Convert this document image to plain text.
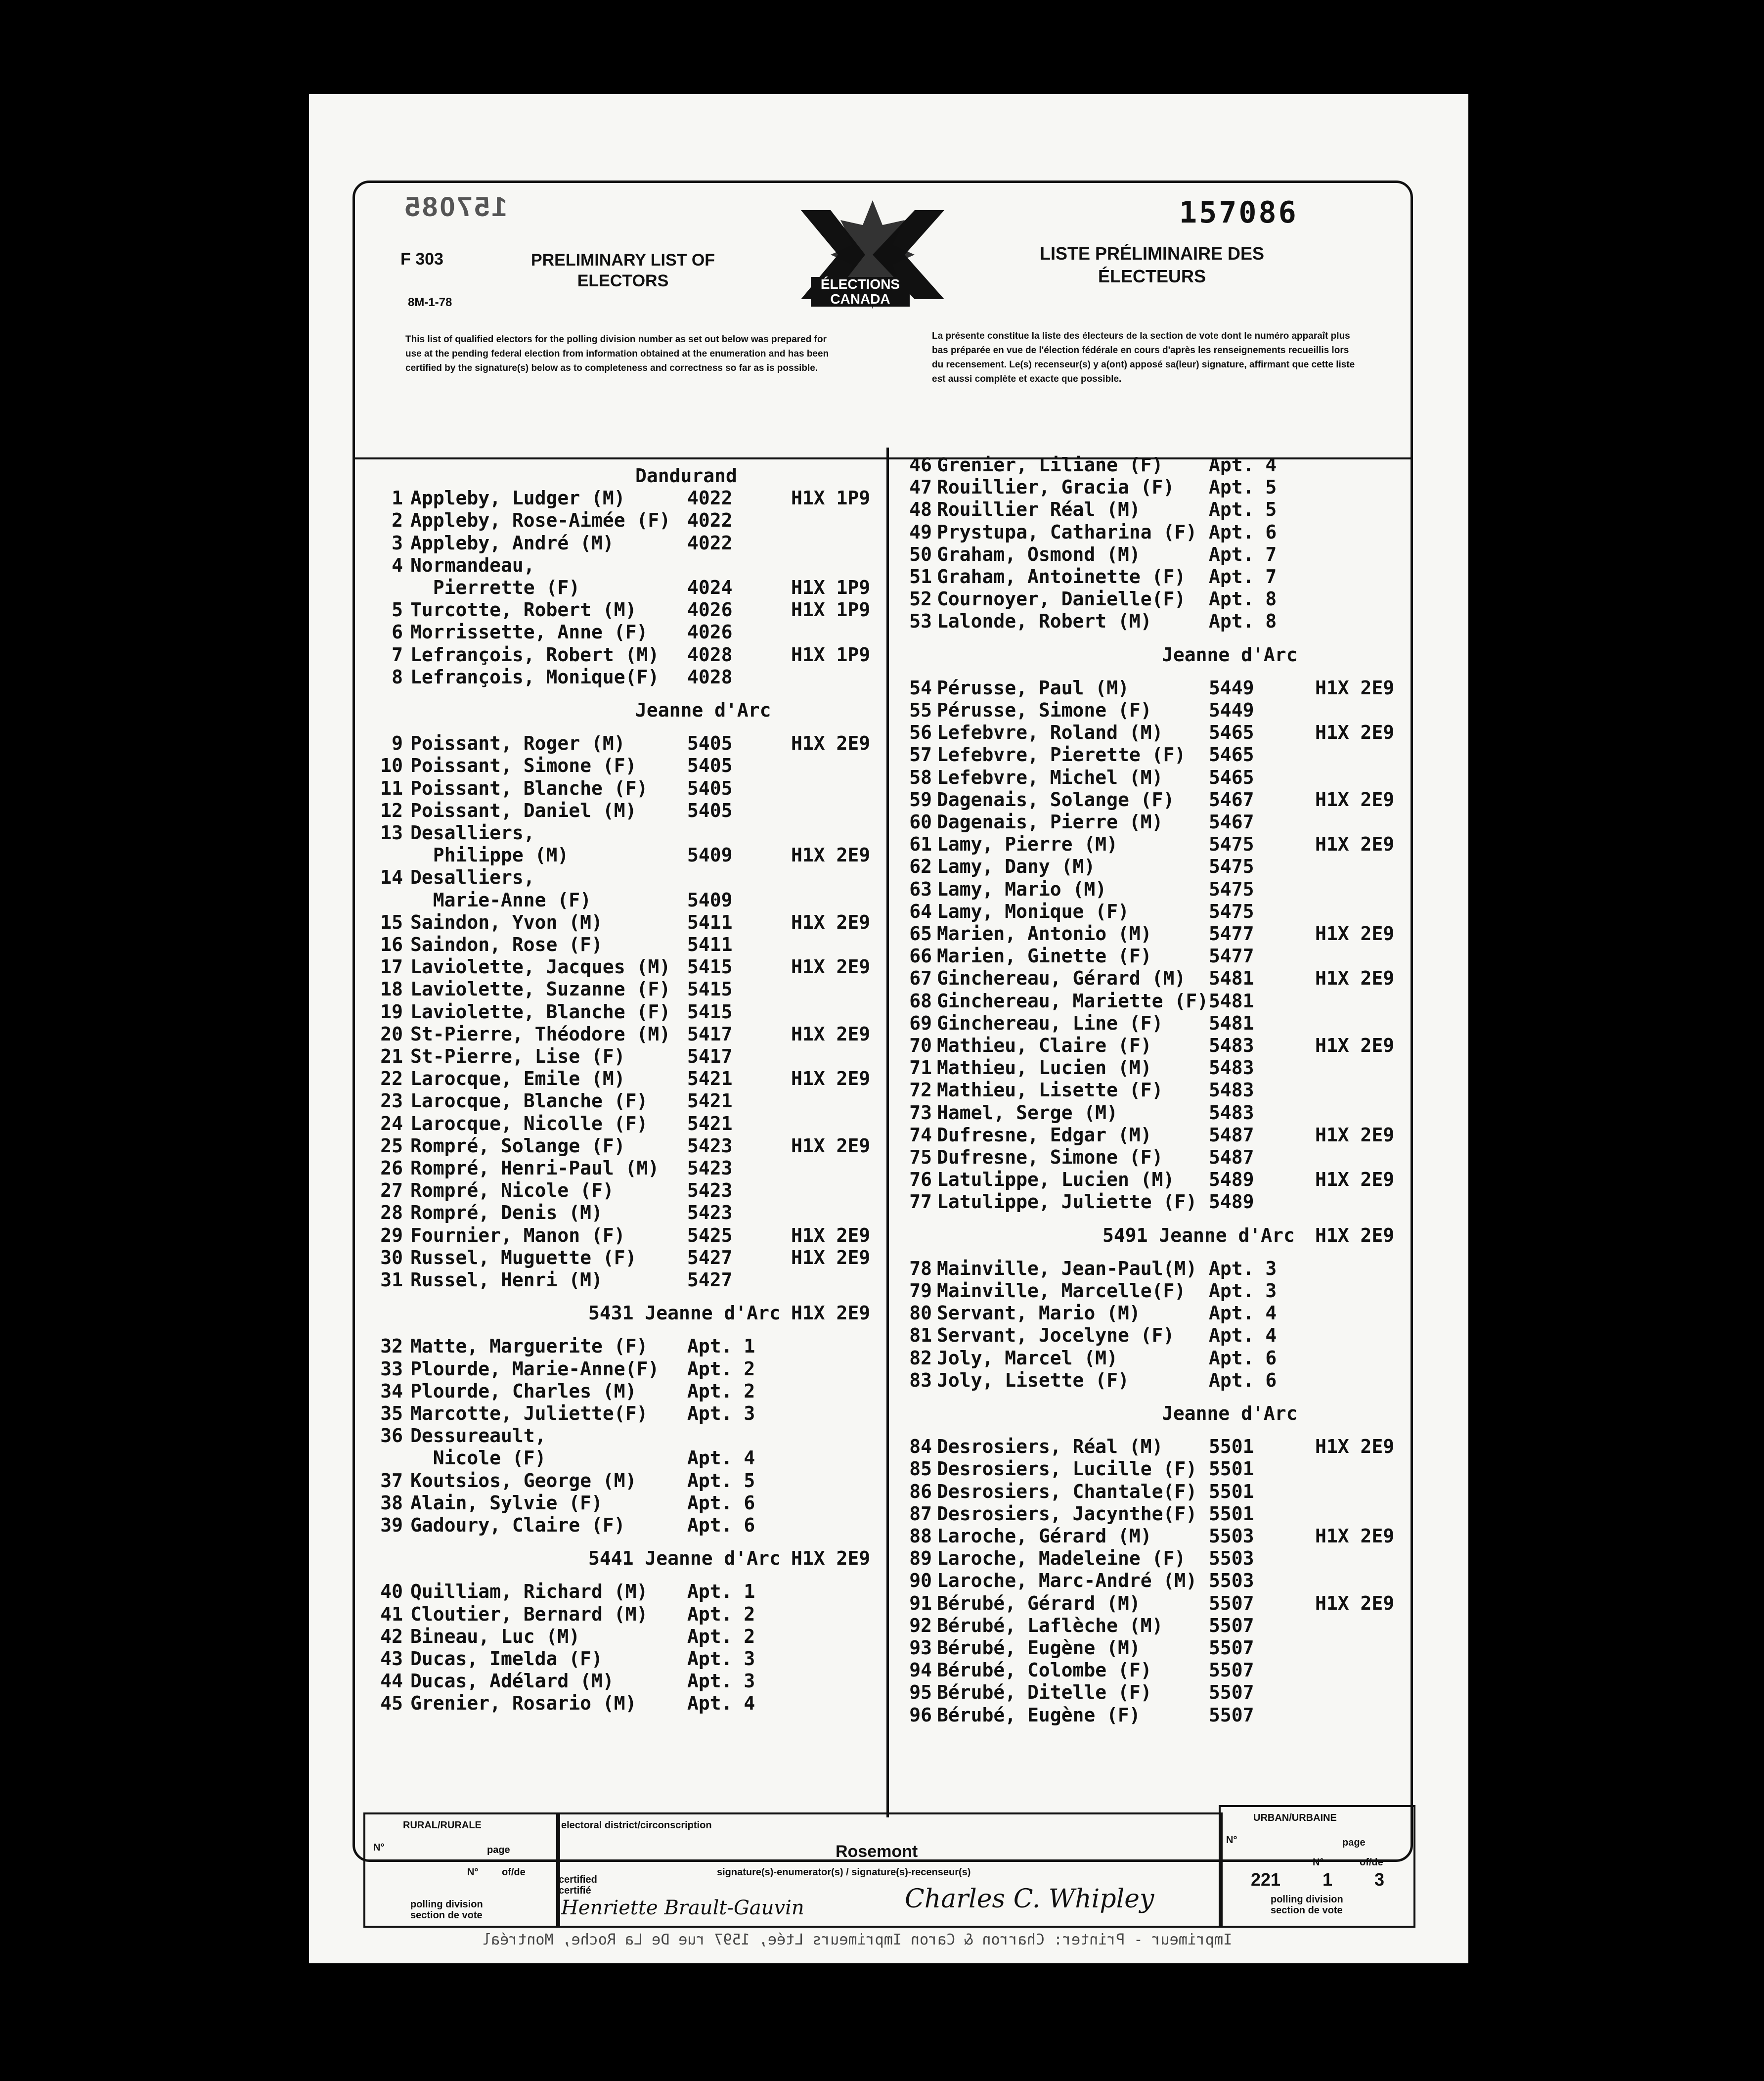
157085	157086
F 303
8M-1-78
PRELIMINARY LIST OF ELECTORS
LISTE PRÉLIMINAIRE DES ÉLECTEURS
ÉLECTIONS CANADA
This list of qualified electors for the polling division number as set out below was prepared for use at the pending federal election from information obtained at the enumeration and has been certified by the signature(s) below as to completeness and correctness so far as is possible.
La présente constitue la liste des électeurs de la section de vote dont le numéro apparaît plus bas préparée en vue de l'élection fédérale en cours d'après les renseignements recueillis lors du recensement. Le(s) recenseur(s) y a(ont) apposé sa(leur) signature, affirmant que cette liste est aussi complète et exacte que possible.
Dandurand
1 Appleby, Ludger (M)	4022	H1X 1P9
2 Appleby, Rose-Aimée (F) 4022
3 Appleby, André (M)	4022
4 Normandeau,
Pierrette (F)	4024	H1X 1P9
5 Turcotte, Robert (M)	4026	H1X 1P9
6 Morrissette, Anne (F) 4026
7 Lefrançois, Robert (M) 4028	H1X 1P9
8 Lefrançois, Monique(F) 4028
Jeanne d'Arc
9 Poissant, Roger (M)	5405	H1X 2E9
10 Poissant, Simone (F)	5405
11 Poissant, Blanche (F) 5405
12 Poissant, Daniel (M)	5405
13 Desalliers,
Philippe (M)	5409	H1X 2E9
14 Desalliers,
Marie-Anne (F)	5409
15 Saindon, Yvon (M)	5411	H1X 2E9
16 Saindon, Rose (F)	5411
17 Laviolette, Jacques (M) 5415	H1X 2E9
18 Laviolette, Suzanne (F) 5415
19 Laviolette, Blanche (F) 5415
20 St-Pierre, Théodore (M) 5417	H1X 2E9
21 St-Pierre, Lise (F)	5417
22 Larocque, Emile (M)	5421	H1X 2E9
23 Larocque, Blanche (F) 5421
24 Larocque, Nicolle (F) 5421
25 Rompré, Solange (F)	5423	H1X 2E9
26 Rompré, Henri-Paul (M) 5423
27 Rompré, Nicole (F)	5423
28 Rompré, Denis (M)	5423
29 Fournier, Manon (F)	5425	H1X 2E9
30 Russel, Muguette (F)	5427	H1X 2E9
31 Russel, Henri (M)	5427
5431 Jeanne d'Arc H1X 2E9
32 Matte, Marguerite (F) Apt. 1
33 Plourde, Marie-Anne(F) Apt. 2
34 Plourde, Charles (M)	Apt. 2
35 Marcotte, Juliette(F) Apt. 3
36 Dessureault,
Nicole (F)	Apt. 4
37 Koutsios, George (M)	Apt. 5
38 Alain, Sylvie (F)	Apt. 6
39 Gadoury, Claire (F)	Apt. 6
5441 Jeanne d'Arc H1X 2E9
40 Quilliam, Richard (M) Apt. 1
41 Cloutier, Bernard (M) Apt. 2
42 Bineau, Luc (M)	Apt. 2
43 Ducas, Imelda (F)	Apt. 3
44 Ducas, Adélard (M)	Apt. 3
45 Grenier, Rosario (M)	Apt. 4
46 Grenier, Liliane (F) Apt. 4
47 Rouillier, Gracia (F) Apt. 5
48 Rouillier Réal (M)	Apt. 5
49 Prystupa, Catharina (F) Apt. 6
50 Graham, Osmond (M)	Apt. 7
51 Graham, Antoinette (F) Apt. 7
52 Cournoyer, Danielle(F) Apt. 8
53 Lalonde, Robert (M)	Apt. 8
Jeanne d'Arc
54 Pérusse, Paul (M)	5449	H1X 2E9
55 Pérusse, Simone (F)	5449
56 Lefebvre, Roland (M) 5465	H1X 2E9
57 Lefebvre, Pierette (F) 5465
58 Lefebvre, Michel (M) 5465
59 Dagenais, Solange (F) 5467	H1X 2E9
60 Dagenais, Pierre (M) 5467
61 Lamy, Pierre (M)	5475	H1X 2E9
62 Lamy, Dany (M)	5475
63 Lamy, Mario (M)	5475
64 Lamy, Monique (F)	5475
65 Marien, Antonio (M)	5477	H1X 2E9
66 Marien, Ginette (F)	5477
67 Ginchereau, Gérard (M) 5481	H1X 2E9
68 Ginchereau, Mariette (F) 5481
69 Ginchereau, Line (F) 5481
70 Mathieu, Claire (F)	5483	H1X 2E9
71 Mathieu, Lucien (M)	5483
72 Mathieu, Lisette (F) 5483
73 Hamel, Serge (M)	5483
74 Dufresne, Edgar (M)	5487	H1X 2E9
75 Dufresne, Simone (F) 5487
76 Latulippe, Lucien (M) 5489	H1X 2E9
77 Latulippe, Juliette (F) 5489
5491 Jeanne d'Arc H1X 2E9
78 Mainville, Jean-Paul(M) Apt. 3
79 Mainville, Marcelle(F) Apt. 3
80 Servant, Mario (M)	Apt. 4
81 Servant, Jocelyne (F) Apt. 4
82 Joly, Marcel (M)	Apt. 6
83 Joly, Lisette (F)	Apt. 6
Jeanne d'Arc
84 Desrosiers, Réal (M) 5501	H1X 2E9
85 Desrosiers, Lucille (F) 5501
86 Desrosiers, Chantale(F) 5501
87 Desrosiers, Jacynthe(F) 5501
88 Laroche, Gérard (M)	5503	H1X 2E9
89 Laroche, Madeleine (F) 5503
90 Laroche, Marc-André (M) 5503
91 Bérubé, Gérard (M)	5507	H1X 2E9
92 Bérubé, Laflèche (M) 5507
93 Bérubé, Eugène (M)	5507
94 Bérubé, Colombe (F)	5507
95 Bérubé, Ditelle (F)	5507
96 Bérubé, Eugène (F)	5507
RURAL/RURALE
N°	page
N° of/de
polling division section de vote
electoral district/circonscription
Rosemont
signature(s)-enumerator(s) / signature(s)-recenseur(s)
certified certifié
Henriette Brault-Gauvin	Charles C. Whipley
URBAN/URBAINE
N°	page
N°	of/de
221 1 3
polling division section de vote
Imprimeur - Printer: Charron & Caron Imprimeurs Ltée, 1597 rue De La Roche, Montréal
